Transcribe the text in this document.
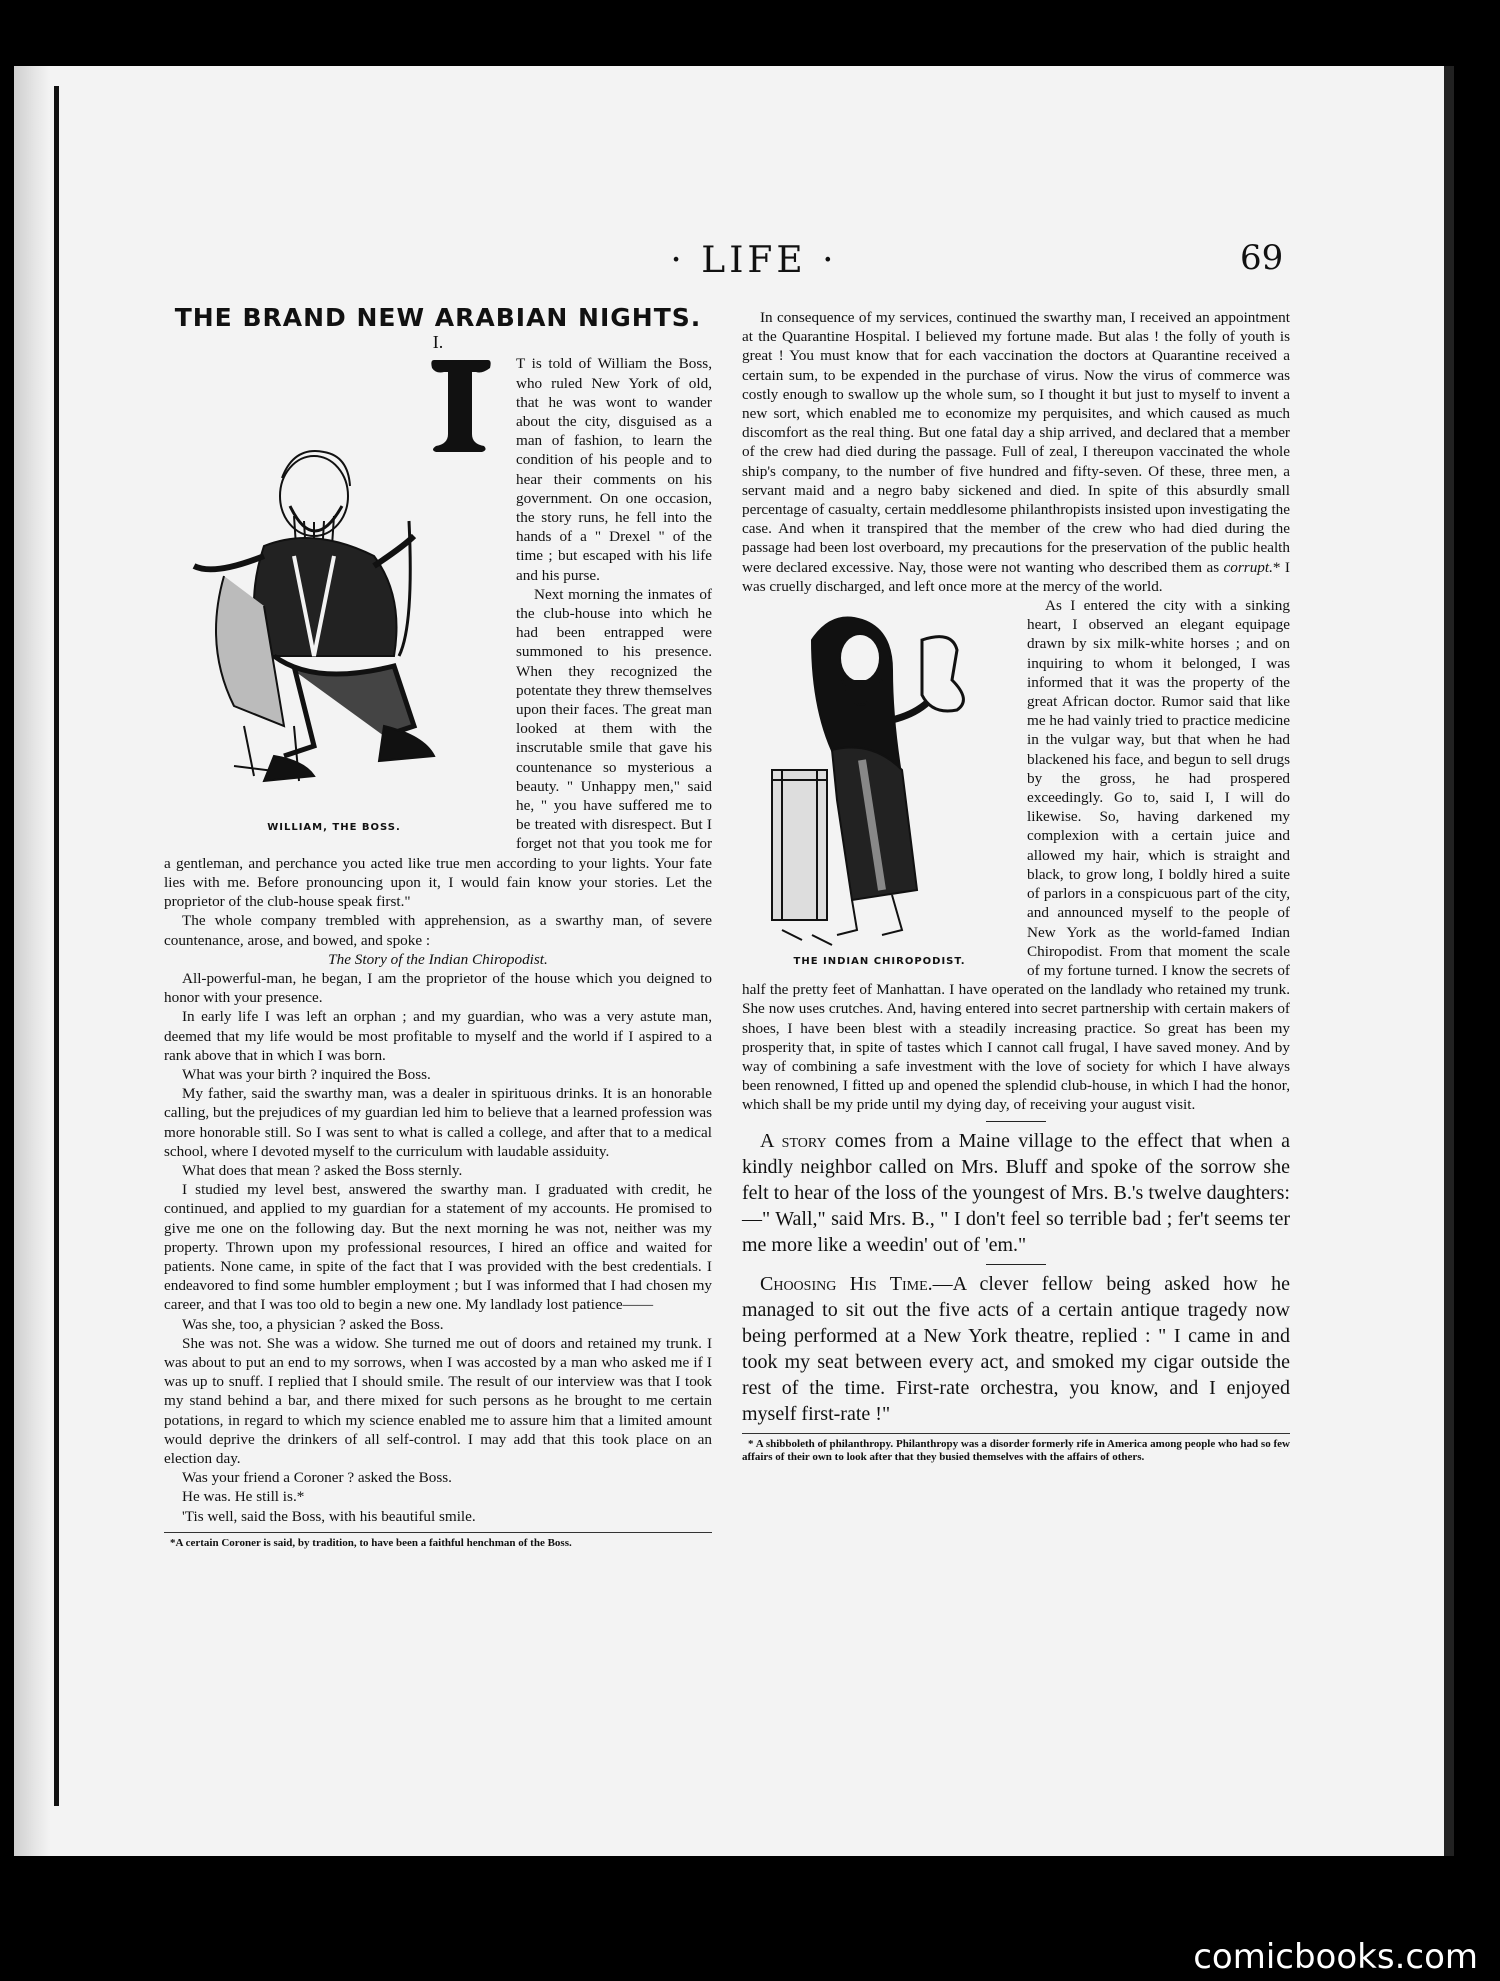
· LIFE ·	69
THE BRAND NEW ARABIAN NIGHTS.
I.
I
WILLIAM, THE BOSS.

T is told of William the Boss, who ruled New York of old, that he was wont to wander about the city, disguised as a man of fashion, to learn the condition of his people and to hear their comments on his government. On one occasion, the story runs, he fell into the hands of a " Drexel " of the time ; but escaped with his life and his purse.

Next morning the inmates of the club-house into which he had been entrapped were summoned to his presence. When they recognized the potentate they threw themselves upon their faces. The great man looked at them with the inscrutable smile that gave his countenance so mysterious a beauty. " Unhappy men," said he, " you have suffered me to be treated with disrespect. But I forget not that you took me for a gentleman, and perchance you acted like true men according to your lights. Your fate lies with me. Before pronouncing upon it, I would fain know your stories. Let the proprietor of the club-house speak first."

The whole company trembled with apprehension, as a swarthy man, of severe countenance, arose, and bowed, and spoke :

The Story of the Indian Chiropodist.

All-powerful-man, he began, I am the proprietor of the house which you deigned to honor with your presence.

In early life I was left an orphan ; and my guardian, who was a very astute man, deemed that my life would be most profitable to myself and the world if I aspired to a rank above that in which I was born.

What was your birth ? inquired the Boss.

My father, said the swarthy man, was a dealer in spirituous drinks. It is an honorable calling, but the prejudices of my guardian led him to believe that a learned profession was more honorable still. So I was sent to what is called a college, and after that to a medical school, where I devoted myself to the curriculum with laudable assiduity.

What does that mean ? asked the Boss sternly.

I studied my level best, answered the swarthy man. I graduated with credit, he continued, and applied to my guardian for a statement of my accounts. He promised to give me one on the following day. But the next morning he was not, neither was my property. Thrown upon my professional resources, I hired an office and waited for patients. None came, in spite of the fact that I was provided with the best credentials. I endeavored to find some humbler employment ; but I was informed that I had chosen my career, and that I was too old to begin a new one. My landlady lost patience——

Was she, too, a physician ? asked the Boss.

She was not. She was a widow. She turned me out of doors and retained my trunk. I was about to put an end to my sorrows, when I was accosted by a man who asked me if I was up to snuff. I replied that I should smile. The result of our interview was that I took my stand behind a bar, and there mixed for such persons as he brought to me certain potations, in regard to which my science enabled me to assure him that a limited amount would deprive the drinkers of all self-control. I may add that this took place on an election day.

Was your friend a Coroner ? asked the Boss.

He was. He still is.*

'Tis well, said the Boss, with his beautiful smile.

*A certain Coroner is said, by tradition, to have been a faithful henchman of the Boss.

In consequence of my services, continued the swarthy man, I received an appointment at the Quarantine Hospital. I believed my fortune made. But alas ! the folly of youth is great ! You must know that for each vaccination the doctors at Quarantine received a certain sum, to be expended in the purchase of virus. Now the virus of commerce was costly enough to swallow up the whole sum, so I thought it but just to myself to invent a new sort, which enabled me to economize my perquisites, and which caused as much discomfort as the real thing. But one fatal day a ship arrived, and declared that a member of the crew had died during the passage. Full of zeal, I thereupon vaccinated the whole ship's company, to the number of five hundred and fifty-seven. Of these, three men, a servant maid and a negro baby sickened and died. In spite of this absurdly small percentage of casualty, certain meddlesome philanthropists insisted upon investigating the case. And when it transpired that the member of the crew who had died during the passage had been lost overboard, my precautions for the preservation of the public health were declared excessive. Nay, those were not wanting who described them as corrupt.* I was cruelly discharged, and left once more at the mercy of the world.

THE INDIAN CHIROPODIST.

As I entered the city with a sinking heart, I observed an elegant equipage drawn by six milk-white horses ; and on inquiring to whom it belonged, I was informed that it was the property of the great African doctor. Rumor said that like me he had vainly tried to practice medicine in the vulgar way, but that when he had blackened his face, and begun to sell drugs by the gross, he had prospered exceedingly. Go to, said I, I will do likewise. So, having darkened my complexion with a certain juice and allowed my hair, which is straight and black, to grow long, I boldly hired a suite of parlors in a conspicuous part of the city, and announced myself to the people of New York as the world-famed Indian Chiropodist. From that moment the scale of my fortune turned. I know the secrets of half the pretty feet of Manhattan. I have operated on the landlady who retained my trunk. She now uses crutches. And, having entered into secret partnership with certain makers of shoes, I have been blest with a steadily increasing practice. So great has been my prosperity that, in spite of tastes which I cannot call frugal, I have saved money. And by way of combining a safe investment with the love of society for which I have always been renowned, I fitted up and opened the splendid club-house, in which I had the honor, which shall be my pride until my dying day, of receiving your august visit.

A story comes from a Maine village to the effect that when a kindly neighbor called on Mrs. Bluff and spoke of the sorrow she felt to hear of the loss of the youngest of Mrs. B.'s twelve daughters:—" Wall," said Mrs. B., " I don't feel so terrible bad ; fer't seems ter me more like a weedin' out of 'em."

Choosing His Time.—A clever fellow being asked how he managed to sit out the five acts of a certain antique tragedy now being performed at a New York theatre, replied : " I came in and took my seat between every act, and smoked my cigar outside the rest of the time. First-rate orchestra, you know, and I enjoyed myself first-rate !"

* A shibboleth of philanthropy. Philanthropy was a disorder formerly rife in America among people who had so few affairs of their own to look after that they busied themselves with the affairs of others.

comicbooks.com
